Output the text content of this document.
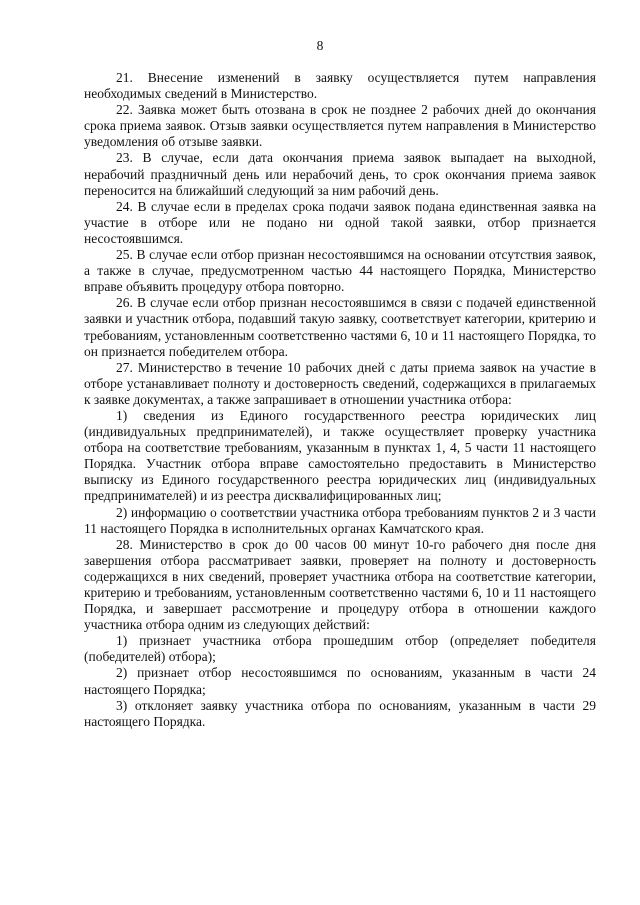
8

21. Внесение изменений в заявку осуществляется путем направления необходимых сведений в Министерство.

22. Заявка может быть отозвана в срок не позднее 2 рабочих дней до окончания срока приема заявок. Отзыв заявки осуществляется путем направления в Министерство уведомления об отзыве заявки.

23. В случае, если дата окончания приема заявок выпадает на выходной, нерабочий праздничный день или нерабочий день, то срок окончания приема заявок переносится на ближайший следующий за ним рабочий день.

24. В случае если в пределах срока подачи заявок подана единственная заявка на участие в отборе или не подано ни одной такой заявки, отбор признается несостоявшимся.

25. В случае если отбор признан несостоявшимся на основании отсутствия заявок, а также в случае, предусмотренном частью 44 настоящего Порядка, Министерство вправе объявить процедуру отбора повторно.

26. В случае если отбор признан несостоявшимся в связи с подачей единственной заявки и участник отбора, подавший такую заявку, соответствует категории, критерию и требованиям, установленным соответственно частями 6, 10 и 11 настоящего Порядка, то он признается победителем отбора.

27. Министерство в течение 10 рабочих дней с даты приема заявок на участие в отборе устанавливает полноту и достоверность сведений, содержащихся в прилагаемых к заявке документах, а также запрашивает в отношении участника отбора:

1) сведения из Единого государственного реестра юридических лиц (индивидуальных предпринимателей), и также осуществляет проверку участника отбора на соответствие требованиям, указанным в пунктах 1, 4, 5 части 11 настоящего Порядка. Участник отбора вправе самостоятельно предоставить в Министерство выписку из Единого государственного реестра юридических лиц (индивидуальных предпринимателей) и из реестра дисквалифицированных лиц;

2) информацию о соответствии участника отбора требованиям пунктов 2 и 3 части 11 настоящего Порядка в исполнительных органах Камчатского края.

28. Министерство в срок до 00 часов 00 минут 10-го рабочего дня после дня завершения отбора рассматривает заявки, проверяет на полноту и достоверность содержащихся в них сведений, проверяет участника отбора на соответствие категории, критерию и требованиям, установленным соответственно частями 6, 10 и 11 настоящего Порядка, и завершает рассмотрение и процедуру отбора в отношении каждого участника отбора одним из следующих действий:

1) признает участника отбора прошедшим отбор (определяет победителя (победителей) отбора);

2) признает отбор несостоявшимся по основаниям, указанным в части 24 настоящего Порядка;

3) отклоняет заявку участника отбора по основаниям, указанным в части 29 настоящего Порядка.
